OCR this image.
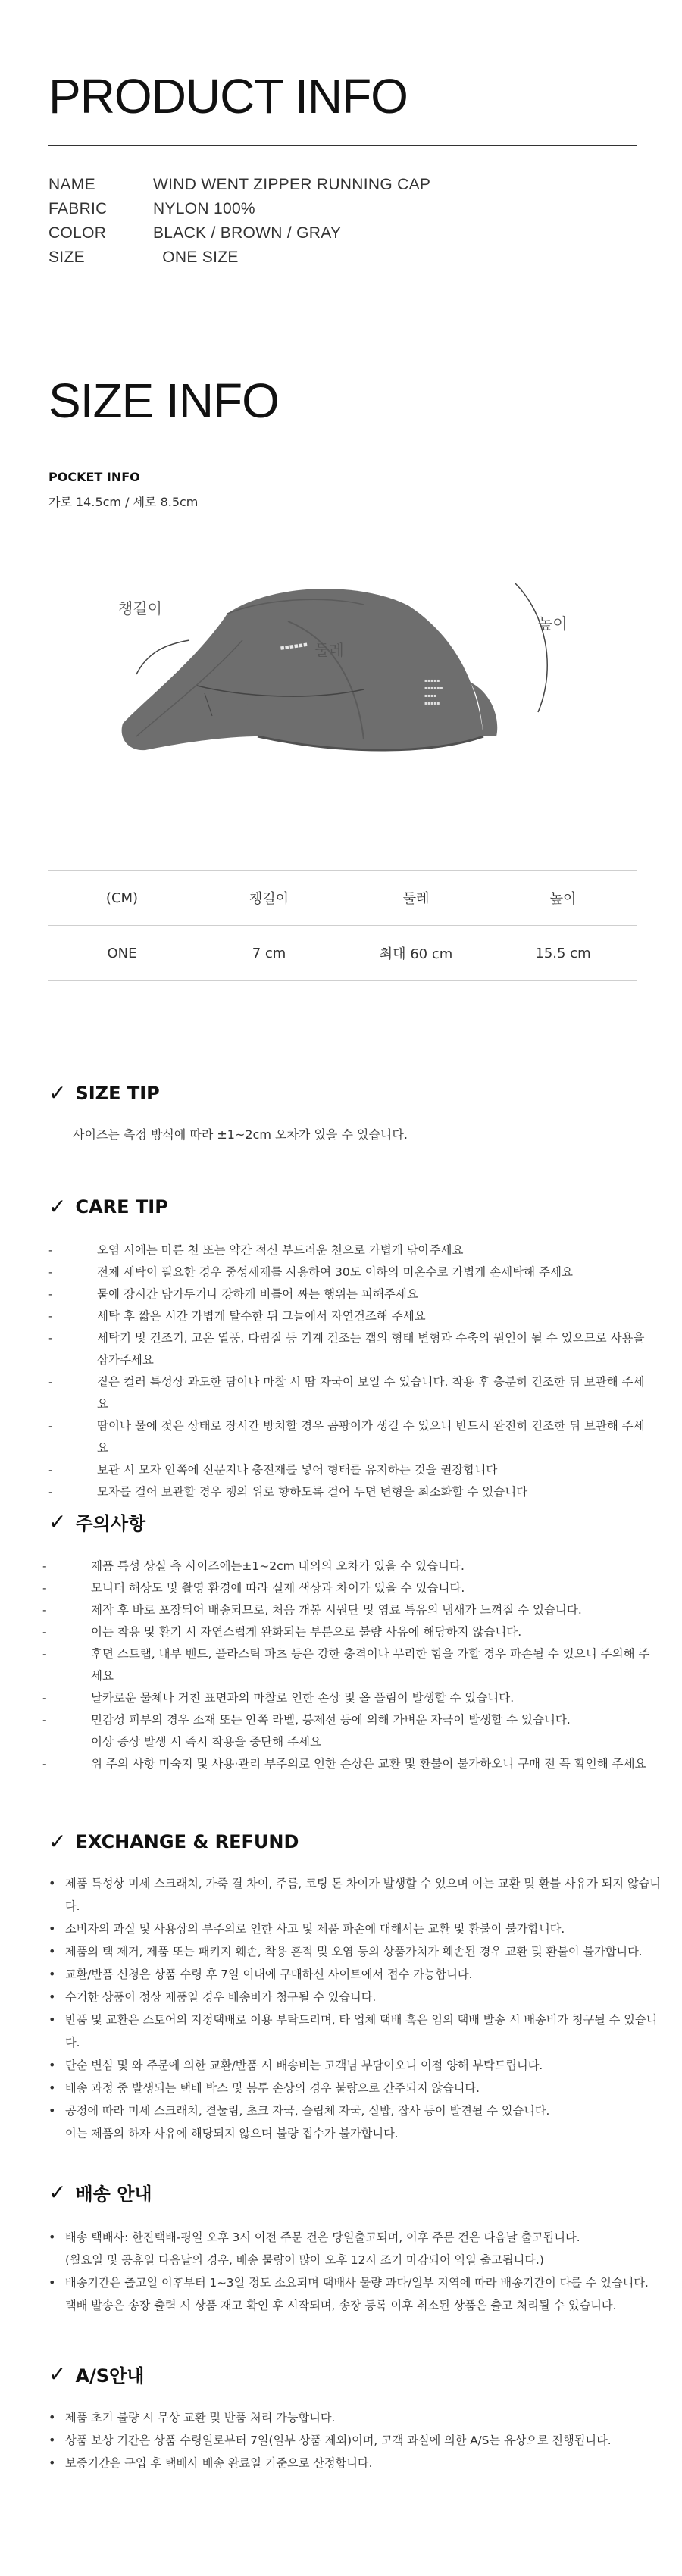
PRODUCT INFO
NAME	WIND WENT ZIPPER RUNNING CAP
FABRIC	NYLON 100%
COLOR	BLACK / BROWN / GRAY
SIZE	ONE SIZE
SIZE INFO
POCKET INFO
가로 14.5cm / 세로 8.5cm
▪▪▪▪▪▪
▪▪▪▪▪
▪▪▪▪▪▪
▪▪▪▪
▪▪▪▪▪
챙길이
둘레
높이
(CM)	챙길이	둘레	높이
ONE	7 cm	최대 60 cm	15.5 cm
✓ SIZE TIP

사이즈는 측정 방식에 따라 ±1~2cm 오차가 있을 수 있습니다.

✓ CARE TIP
-	오염 시에는 마른 천 또는 약간 적신 부드러운 천으로 가볍게 닦아주세요
-	전체 세탁이 필요한 경우 중성세제를 사용하여 30도 이하의 미온수로 가볍게 손세탁해 주세요
-	물에 장시간 담가두거나 강하게 비틀어 짜는 행위는 피해주세요
-	세탁 후 짧은 시간 가볍게 탈수한 뒤 그늘에서 자연건조해 주세요
-	세탁기 및 건조기, 고온 열풍, 다림질 등 기계 건조는 캡의 형태 변형과 수축의 원인이 될 수 있으므로 사용을 삼가주세요
-	짙은 컬러 특성상 과도한 땀이나 마찰 시 땀 자국이 보일 수 있습니다. 착용 후 충분히 건조한 뒤 보관해 주세요
-	땀이나 물에 젖은 상태로 장시간 방치할 경우 곰팡이가 생길 수 있으니 반드시 완전히 건조한 뒤 보관해 주세요
-	보관 시 모자 안쪽에 신문지나 충전재를 넣어 형태를 유지하는 것을 권장합니다
-	모자를 걸어 보관할 경우 챙의 위로 향하도록 걸어 두면 변형을 최소화할 수 있습니다
✓ 주의사항
-	제품 특성 상실 측 사이즈에는±1~2cm 내외의 오차가 있을 수 있습니다.
-	모니터 해상도 및 촬영 환경에 따라 실제 색상과 차이가 있을 수 있습니다.
-	제작 후 바로 포장되어 배송되므로, 처음 개봉 시원단 및 염료 특유의 냄새가 느껴질 수 있습니다.
-	이는 착용 및 환기 시 자연스럽게 완화되는 부분으로 불량 사유에 해당하지 않습니다.
-	후면 스트랩, 내부 밴드, 플라스틱 파츠 등은 강한 충격이나 무리한 힘을 가할 경우 파손될 수 있으니 주의해 주세요
-	날카로운 물체나 거친 표면과의 마찰로 인한 손상 및 올 풀림이 발생할 수 있습니다.
-	민감성 피부의 경우 소재 또는 안쪽 라벨, 봉제선 등에 의해 가벼운 자극이 발생할 수 있습니다.
이상 증상 발생 시 즉시 착용을 중단해 주세요
-	위 주의 사항 미숙지 및 사용·관리 부주의로 인한 손상은 교환 및 환불이 불가하오니 구매 전 꼭 확인해 주세요
✓ EXCHANGE & REFUND
• 제품 특성상 미세 스크래치, 가죽 결 차이, 주름, 코팅 톤 차이가 발생할 수 있으며 이는 교환 및 환불 사유가 되지 않습니다.
• 소비자의 과실 및 사용상의 부주의로 인한 사고 및 제품 파손에 대해서는 교환 및 환불이 불가합니다.
• 제품의 택 제거, 제품 또는 패키지 훼손, 착용 흔적 및 오염 등의 상품가치가 훼손된 경우 교환 및 환불이 불가합니다.
• 교환/반품 신청은 상품 수령 후 7일 이내에 구매하신 사이트에서 접수 가능합니다.
• 수거한 상품이 정상 제품일 경우 배송비가 청구될 수 있습니다.
• 반품 및 교환은 스토어의 지정택배로 이용 부탁드리며, 타 업체 택배 혹은 임의 택배 발송 시 배송비가 청구될 수 있습니다.
• 단순 변심 및 와 주문에 의한 교환/반품 시 배송비는 고객님 부담이오니 이점 양해 부탁드립니다.
• 배송 과정 중 발생되는 택배 박스 및 봉투 손상의 경우 불량으로 간주되지 않습니다.
• 공정에 따라 미세 스크래치, 결눌림, 초크 자국, 슬립체 자국, 실밥, 잡사 등이 발견될 수 있습니다.
이는 제품의 하자 사유에 해당되지 않으며 불량 접수가 불가합니다.
✓ 배송 안내
• 배송 택배사: 한진택배-평일 오후 3시 이전 주문 건은 당일출고되며, 이후 주문 건은 다음날 출고됩니다.
(월요일 및 공휴일 다음날의 경우, 배송 물량이 많아 오후 12시 조기 마감되어 익일 출고됩니다.)
• 배송기간은 출고일 이후부터 1~3일 정도 소요되며 택배사 물량 과다/일부 지역에 따라 배송기간이 다를 수 있습니다.
택배 발송은 송장 출력 시 상품 재고 확인 후 시작되며, 송장 등록 이후 취소된 상품은 출고 처리될 수 있습니다.
✓ A/S안내
• 제품 초기 불량 시 무상 교환 및 반품 처리 가능합니다.
• 상품 보상 기간은 상품 수령일로부터 7일(일부 상품 제외)이며, 고객 과실에 의한 A/S는 유상으로 진행됩니다.
• 보증기간은 구입 후 택배사 배송 완료일 기준으로 산정합니다.
